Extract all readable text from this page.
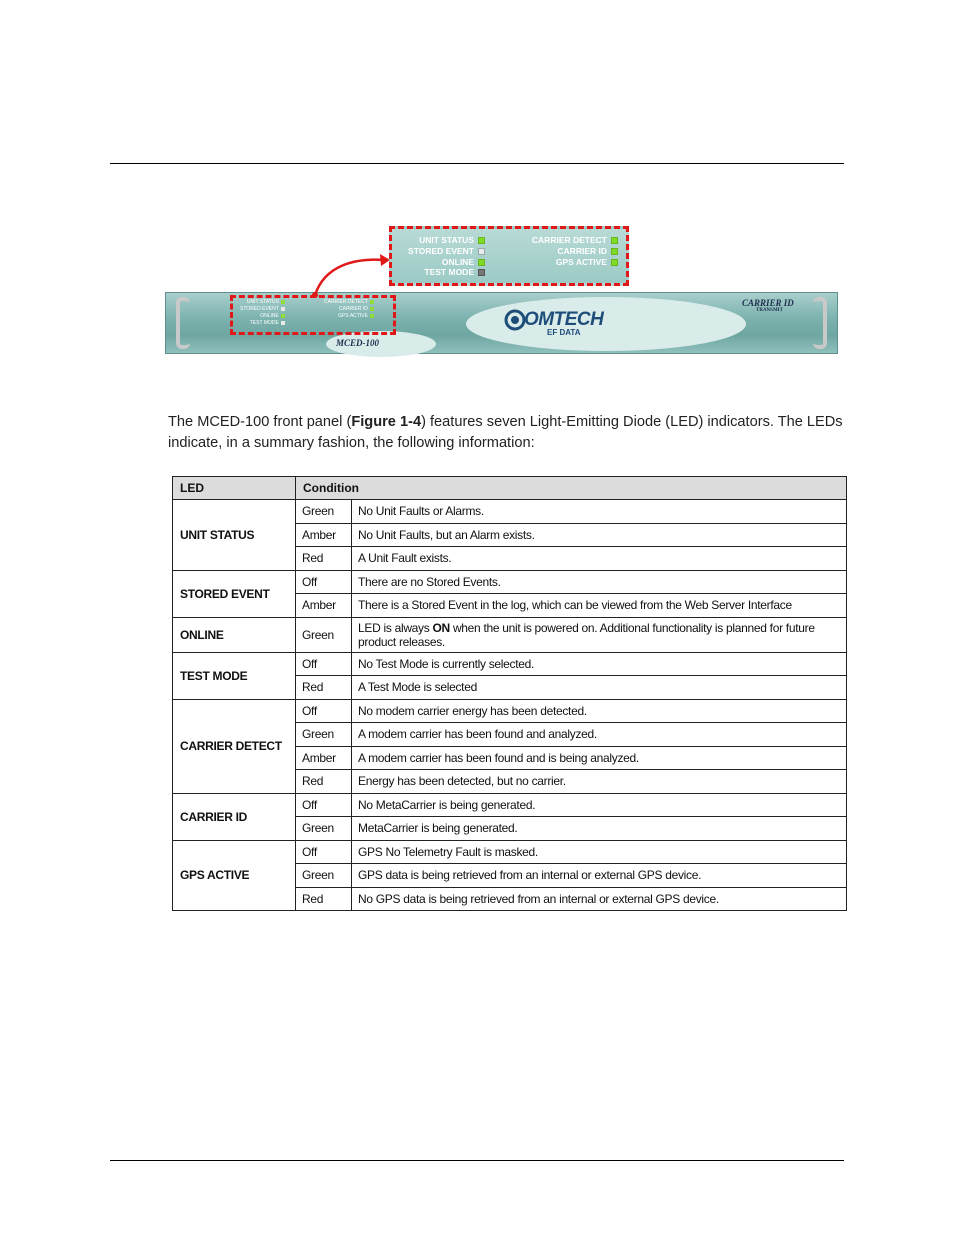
UNIT STATUS
STORED EVENT
ONLINE
TEST MODE
CARRIER DETECT
CARRIER ID
GPS ACTIVE	OMTECH
EF DATA
MCED-100
CARRIER ID
TRANSMIT
UNIT STATUS
STORED EVENT
ONLINE
TEST MODE
CARRIER DETECT
CARRIER ID
GPS ACTIVE
The MCED-100 front panel (Figure 1-4) features seven Light-Emitting Diode (LED) indicators. The LEDs indicate, in a summary fashion, the following information:
LED	Condition	
UNIT STATUS	Green	No Unit Faults or Alarms.
	Amber	No Unit Faults, but an Alarm exists.
	Red	A Unit Fault exists.
STORED EVENT	Off	There are no Stored Events.
	Amber	There is a Stored Event in the log, which can be viewed from the Web Server Interface
ONLINE	Green	LED is always ON when the unit is powered on. Additional functionality is planned for future product releases.
TEST MODE	Off	No Test Mode is currently selected.
	Red	A Test Mode is selected
CARRIER DETECT	Off	No modem carrier energy has been detected.
	Green	A modem carrier has been found and analyzed.
	Amber	A modem carrier has been found and is being analyzed.
	Red	Energy has been detected, but no carrier.
CARRIER ID	Off	No MetaCarrier is being generated.
	Green	MetaCarrier is being generated.
GPS ACTIVE	Off	GPS No Telemetry Fault is masked.
	Green	GPS data is being retrieved from an internal or external GPS device.
	Red	No GPS data is being retrieved from an internal or external GPS device.
